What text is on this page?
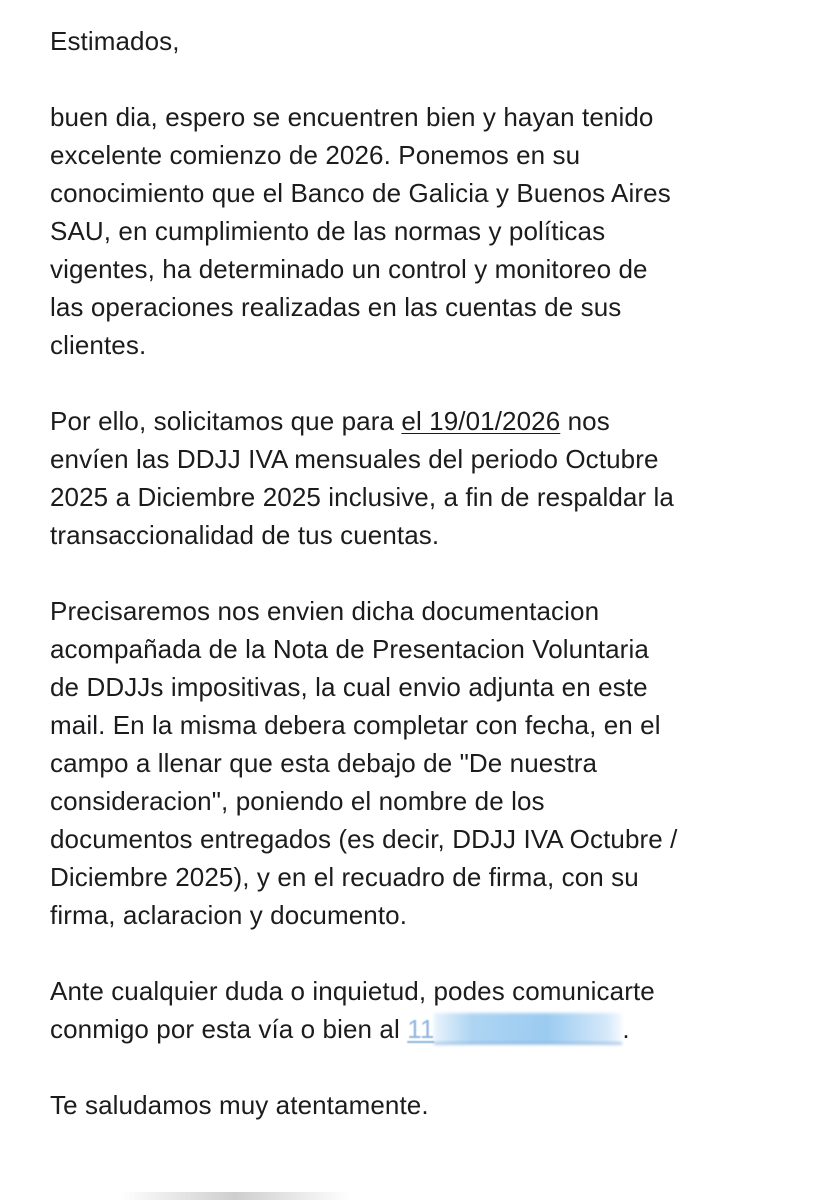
Estimados,
buen dia, espero se encuentren bien y hayan tenido
excelente comienzo de 2026. Ponemos en su
conocimiento que el Banco de Galicia y Buenos Aires
SAU, en cumplimiento de las normas y políticas
vigentes, ha determinado un control y monitoreo de
las operaciones realizadas en las cuentas de sus
clientes.
Por ello, solicitamos que para el 19/01/2026 nos
envíen las DDJJ IVA mensuales del periodo Octubre
2025 a Diciembre 2025 inclusive, a fin de respaldar la
transaccionalidad de tus cuentas.
Precisaremos nos envien dicha documentacion
acompañada de la Nota de Presentacion Voluntaria
de DDJJs impositivas, la cual envio adjunta en este
mail. En la misma debera completar con fecha, en el
campo a llenar que esta debajo de "De nuestra
consideracion", poniendo el nombre de los
documentos entregados (es decir, DDJJ IVA Octubre /
Diciembre 2025), y en el recuadro de firma, con su
firma, aclaracion y documento.
Ante cualquier duda o inquietud, podes comunicarte
conmigo por esta vía o bien al 11	.
Te saludamos muy atentamente.
